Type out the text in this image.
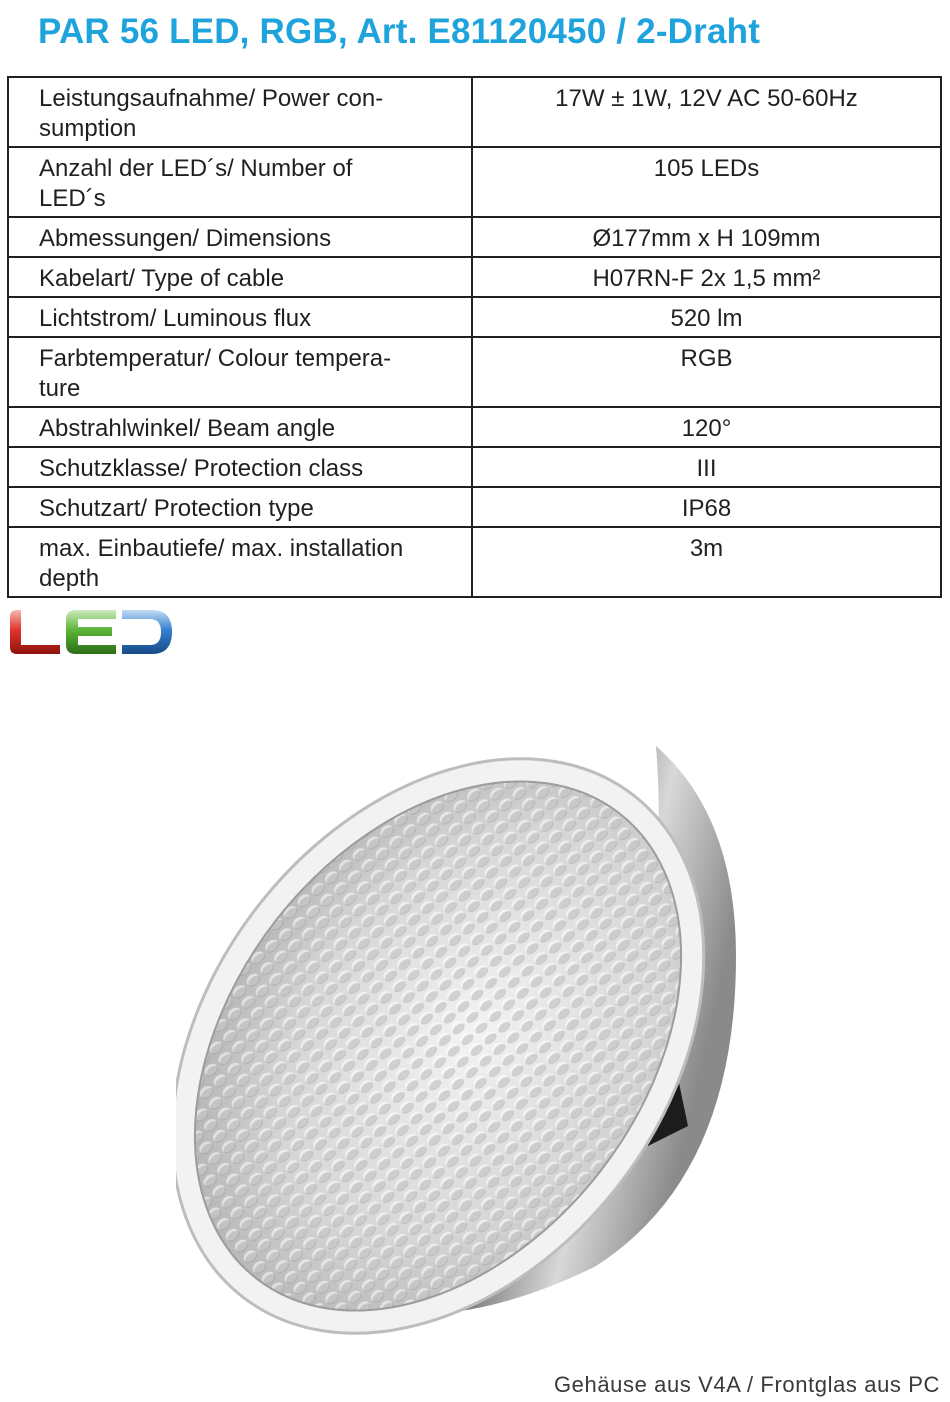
PAR 56 LED, RGB, Art. E81120450 / 2-Draht
Leistungsaufnahme/ Power con-
sumption	17W ± 1W, 12V AC 50-60Hz
Anzahl der LED´s/ Number of
LED´s	105 LEDs
Abmessungen/ Dimensions	Ø177mm x H 109mm
Kabelart/ Type of cable	H07RN-F 2x 1,5 mm²
Lichtstrom/ Luminous flux	520 lm
Farbtemperatur/ Colour tempera-
ture	RGB
Abstrahlwinkel/ Beam angle	120°
Schutzklasse/ Protection class	III
Schutzart/ Protection type	IP68
max. Einbautiefe/ max. installation
depth	3m
Gehäuse aus V4A / Frontglas aus PC
